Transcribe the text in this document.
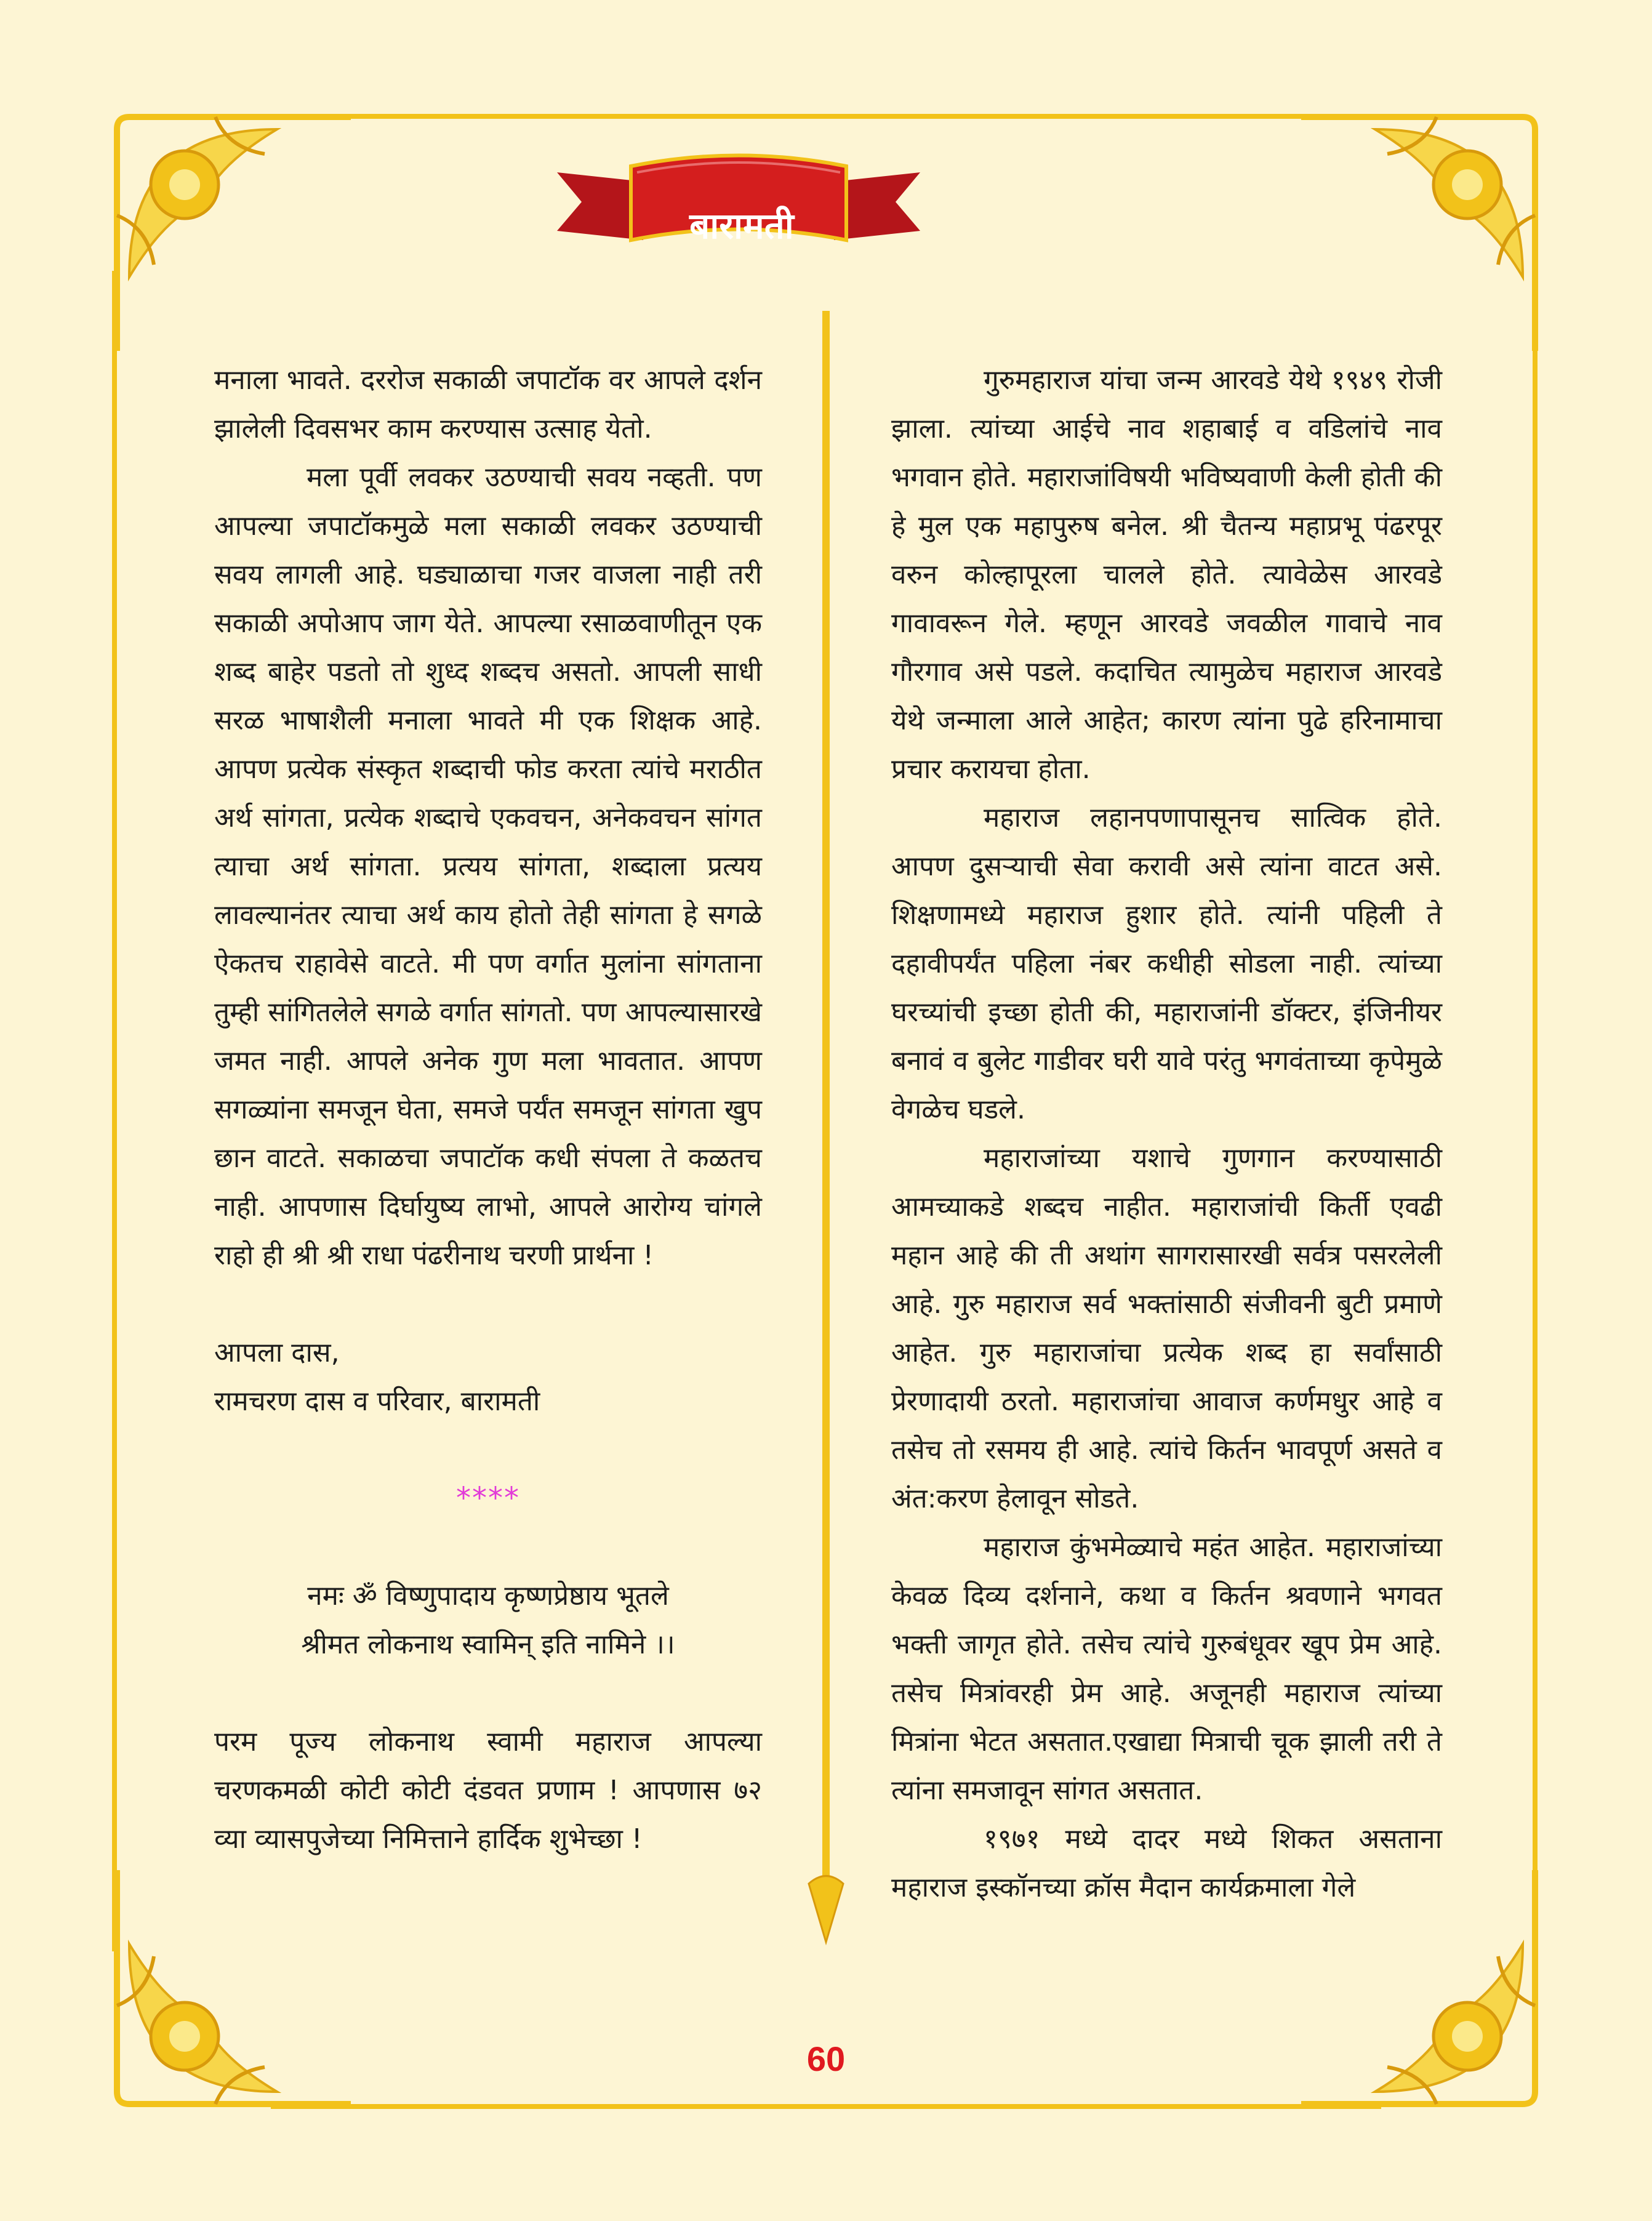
बारामती

मनाला भावते. दररोज सकाळी जपाटॉक वर आपले दर्शन झालेली दिवसभर काम करण्यास उत्साह येतो.

मला पूर्वी लवकर उठण्याची सवय नव्हती. पण आपल्या जपाटॉकमुळे मला सकाळी लवकर उठण्याची सवय लागली आहे. घड्याळाचा गजर वाजला नाही तरी सकाळी अपोआप जाग येते. आपल्या रसाळवाणीतून एक शब्द बाहेर पडतो तो शुध्द शब्दच असतो. आपली साधी सरळ भाषाशैली मनाला भावते मी एक शिक्षक आहे. आपण प्रत्येक संस्कृत शब्दाची फोड करता त्यांचे मराठीत अर्थ सांगता, प्रत्येक शब्दाचे एकवचन, अनेकवचन सांगत त्याचा अर्थ सांगता. प्रत्यय सांगता, शब्दाला प्रत्यय लावल्यानंतर त्याचा अर्थ काय होतो तेही सांगता हे सगळे ऐकतच राहावेसे वाटते. मी पण वर्गात मुलांना सांगताना तुम्ही सांगितलेले सगळे वर्गात सांगतो. पण आपल्यासारखे जमत नाही. आपले अनेक गुण मला भावतात. आपण सगळ्यांना समजून घेता, समजे पर्यंत समजून सांगता खुप छान वाटते. सकाळचा जपाटॉक कधी संपला ते कळतच नाही. आपणास दिर्घायुष्य लाभो, आपले आरोग्य चांगले राहो ही श्री श्री राधा पंढरीनाथ चरणी प्रार्थना !

आपला दास,

रामचरण दास व परिवार, बारामती

****

नमः ॐ विष्णुपादाय कृष्णप्रेष्ठाय भूतले

श्रीमत लोकनाथ स्वामिन् इति नामिने ।।

परम पूज्य लोकनाथ स्वामी महाराज आपल्या चरणकमळी कोटी कोटी दंडवत प्रणाम ! आपणास ७२ व्या व्यासपुजेच्या निमित्ताने हार्दिक शुभेच्छा !

गुरुमहाराज यांचा जन्म आरवडे येथे १९४९ रोजी झाला. त्यांच्या आईचे नाव शहाबाई व वडिलांचे नाव भगवान होते. महाराजांविषयी भविष्यवाणी केली होती की हे मुल एक महापुरुष बनेल. श्री चैतन्य महाप्रभू पंढरपूर वरुन कोल्हापूरला चालले होते. त्यावेळेस आरवडे गावावरून गेले. म्हणून आरवडे जवळील गावाचे नाव गौरगाव असे पडले. कदाचित त्यामुळेच महाराज आरवडे येथे जन्माला आले आहेत; कारण त्यांना पुढे हरिनामाचा प्रचार करायचा होता.

महाराज लहानपणापासूनच सात्विक होते. आपण दुसऱ्याची सेवा करावी असे त्यांना वाटत असे. शिक्षणामध्ये महाराज हुशार होते. त्यांनी पहिली ते दहावीपर्यंत पहिला नंबर कधीही सोडला नाही. त्यांच्या घरच्यांची इच्छा होती की, महाराजांनी डॉक्टर, इंजिनीयर बनावं व बुलेट गाडीवर घरी यावे परंतु भगवंताच्या कृपेमुळे वेगळेच घडले.

महाराजांच्या यशाचे गुणगान करण्यासाठी आमच्याकडे शब्दच नाहीत. महाराजांची किर्ती एवढी महान आहे की ती अथांग सागरासारखी सर्वत्र पसरलेली आहे. गुरु महाराज सर्व भक्तांसाठी संजीवनी बुटी प्रमाणे आहेत. गुरु महाराजांचा प्रत्येक शब्द हा सर्वांसाठी प्रेरणादायी ठरतो. महाराजांचा आवाज कर्णमधुर आहे व तसेच तो रसमय ही आहे. त्यांचे किर्तन भावपूर्ण असते व अंत:करण हेलावून सोडते.

महाराज कुंभमेळ्याचे महंत आहेत. महाराजांच्या केवळ दिव्य दर्शनाने, कथा व किर्तन श्रवणाने भगवत भक्ती जागृत होते. तसेच त्यांचे गुरुबंधूवर खूप प्रेम आहे. तसेच मित्रांवरही प्रेम आहे. अजूनही महाराज त्यांच्या मित्रांना भेटत असतात.एखाद्या मित्राची चूक झाली तरी ते त्यांना समजावून सांगत असतात.

१९७१ मध्ये दादर मध्ये शिकत असताना महाराज इस्कॉनच्या क्रॉस मैदान कार्यक्रमाला गेले

60
